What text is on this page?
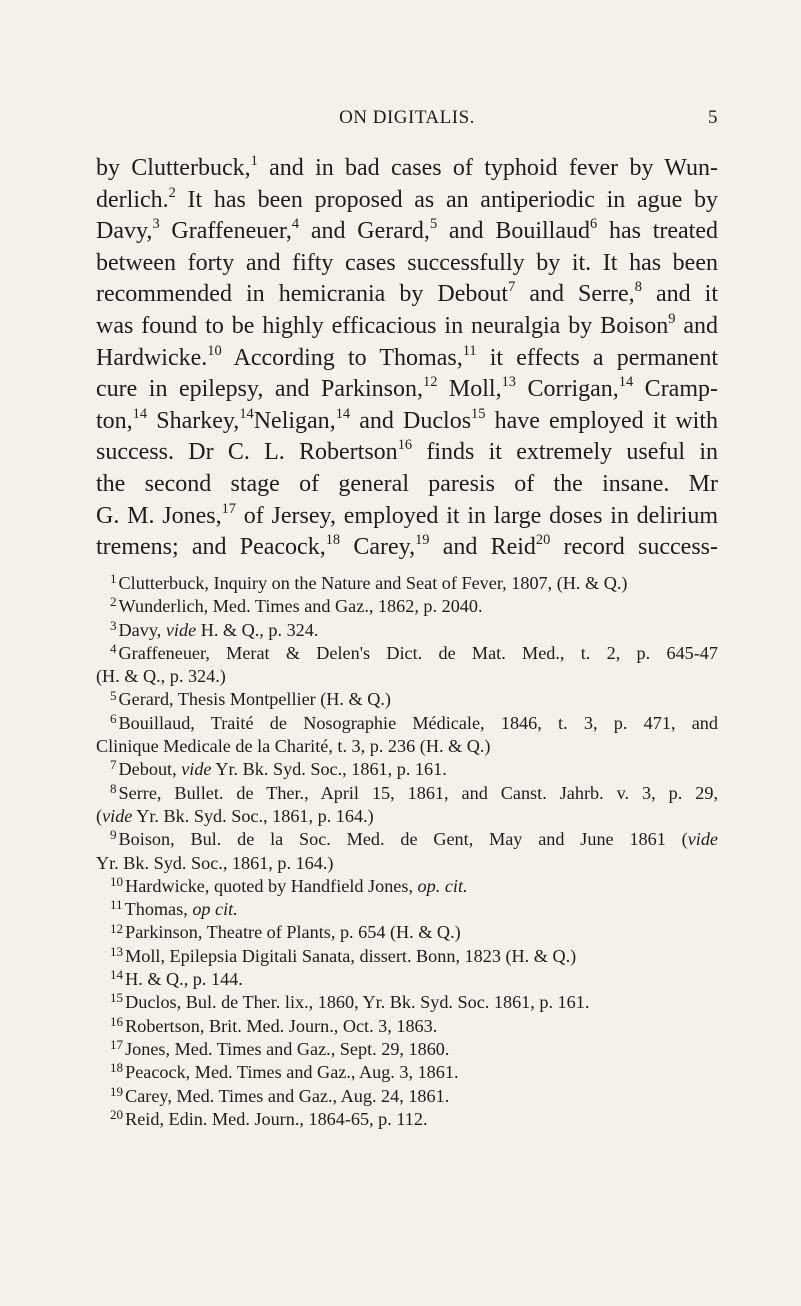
ON DIGITALIS.	5
by Clutterbuck,$^1$ and in bad cases of typhoid fever by Wun-
derlich.$^2$ It has been proposed as an antiperiodic in ague by
Davy,$^3$ Graffeneuer,$^4$ and Gerard,$^5$ and Bouillaud$^6$ has treated
between forty and fifty cases successfully by it. It has been
recommended in hemicrania by Debout$^7$ and Serre,$^8$ and it
was found to be highly efficacious in neuralgia by Boison$^9$ and
Hardwicke.$^{10}$ According to Thomas,$^{11}$ it effects a permanent
cure in epilepsy, and Parkinson,$^{12}$ Moll,$^{13}$ Corrigan,$^{14}$ Cramp-
ton,$^{14}$ Sharkey,$^{14}$Neligan,$^{14}$ and Duclos$^{15}$ have employed it with
success. Dr C. L. Robertson$^{16}$ finds it extremely useful in
the second stage of general paresis of the insane. Mr
G. M. Jones,$^{17}$ of Jersey, employed it in large doses in delirium
tremens; and Peacock,$^{18}$ Carey,$^{19}$ and Reid$^{20}$ record success-
$^1$ Clutterbuck, Inquiry on the Nature and Seat of Fever, 1807, (H. & Q.)
$^2$ Wunderlich, Med. Times and Gaz., 1862, p. 2040.
$^3$ Davy, vide H. & Q., p. 324.
$^4$ Graffeneuer, Merat & Delen's Dict. de Mat. Med., t. 2, p. 645-47
(H. & Q., p. 324.)
$^5$ Gerard, Thesis Montpellier (H. & Q.)
$^6$ Bouillaud, Traité de Nosographie Médicale, 1846, t. 3, p. 471, and
Clinique Medicale de la Charité, t. 3, p. 236 (H. & Q.)
$^7$ Debout, vide Yr. Bk. Syd. Soc., 1861, p. 161.
$^8$ Serre, Bullet. de Ther., April 15, 1861, and Canst. Jahrb. v. 3, p. 29,
(vide Yr. Bk. Syd. Soc., 1861, p. 164.)
$^9$ Boison, Bul. de la Soc. Med. de Gent, May and June 1861 (vide
Yr. Bk. Syd. Soc., 1861, p. 164.)
$^{10}$ Hardwicke, quoted by Handfield Jones, op. cit.
$^{11}$ Thomas, op cit.
$^{12}$ Parkinson, Theatre of Plants, p. 654 (H. & Q.)
$^{13}$ Moll, Epilepsia Digitali Sanata, dissert. Bonn, 1823 (H. & Q.)
$^{14}$ H. & Q., p. 144.
$^{15}$ Duclos, Bul. de Ther. lix., 1860, Yr. Bk. Syd. Soc. 1861, p. 161.
$^{16}$ Robertson, Brit. Med. Journ., Oct. 3, 1863.
$^{17}$ Jones, Med. Times and Gaz., Sept. 29, 1860.
$^{18}$ Peacock, Med. Times and Gaz., Aug. 3, 1861.
$^{19}$ Carey, Med. Times and Gaz., Aug. 24, 1861.
$^{20}$ Reid, Edin. Med. Journ., 1864-65, p. 112.
